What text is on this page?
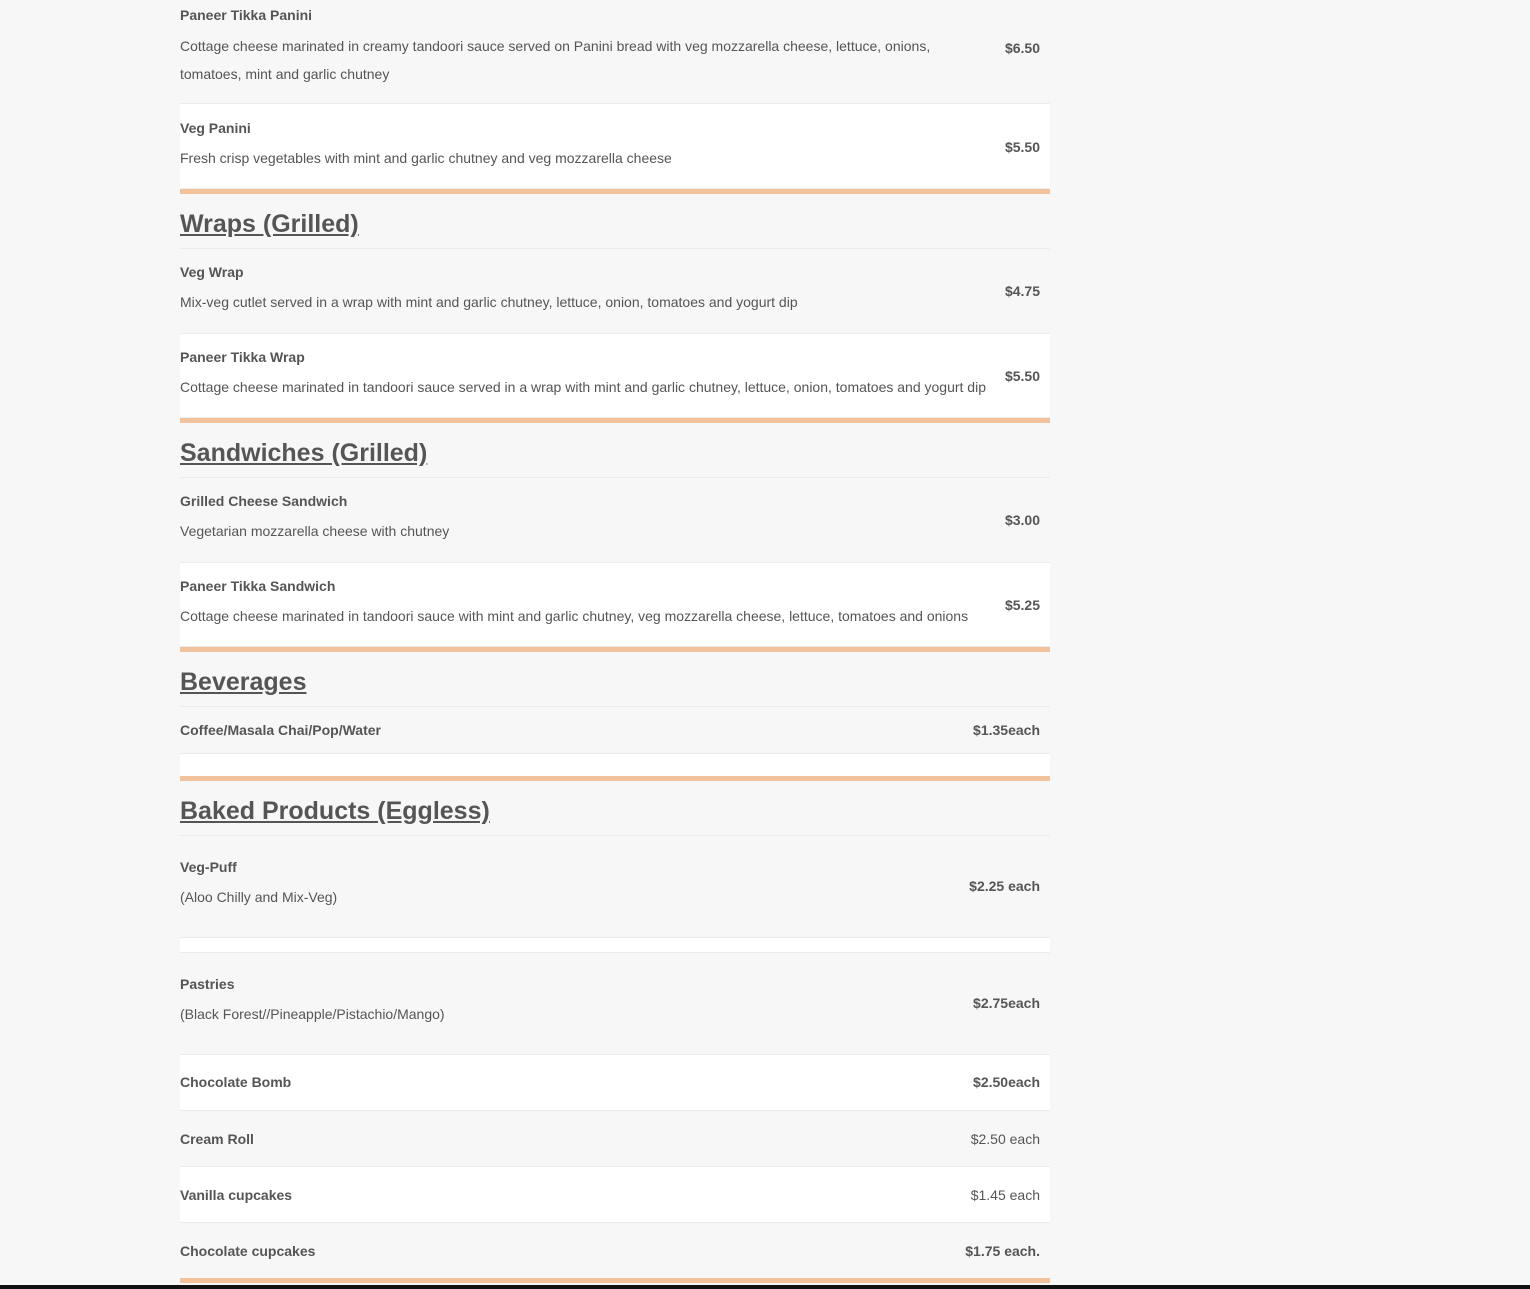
Paneer Tikka Panini
Cottage cheese marinated in creamy tandoori sauce served on Panini bread with veg mozzarella cheese, lettuce, onions, tomatoes, mint and garlic chutney
$6.50
Veg Panini
Fresh crisp vegetables with mint and garlic chutney and veg mozzarella cheese
$5.50
Wraps (Grilled)
Veg Wrap
Mix-veg cutlet served in a wrap with mint and garlic chutney, lettuce, onion, tomatoes and yogurt dip
$4.75
Paneer Tikka Wrap
Cottage cheese marinated in tandoori sauce served in a wrap with mint and garlic chutney, lettuce, onion, tomatoes and yogurt dip
$5.50
Sandwiches (Grilled)
Grilled Cheese Sandwich
Vegetarian mozzarella cheese with chutney
$3.00
Paneer Tikka Sandwich
Cottage cheese marinated in tandoori sauce with mint and garlic chutney, veg mozzarella cheese, lettuce, tomatoes and onions
$5.25
Beverages
Coffee/Masala Chai/Pop/Water	$1.35each
Baked Products (Eggless)
Veg-Puff
(Aloo Chilly and Mix-Veg)
$2.25 each
Pastries
(Black Forest//Pineapple/Pistachio/Mango)
$2.75each
Chocolate Bomb	$2.50each
Cream Roll	$2.50 each
Vanilla cupcakes	$1.45 each
Chocolate cupcakes	$1.75 each.
